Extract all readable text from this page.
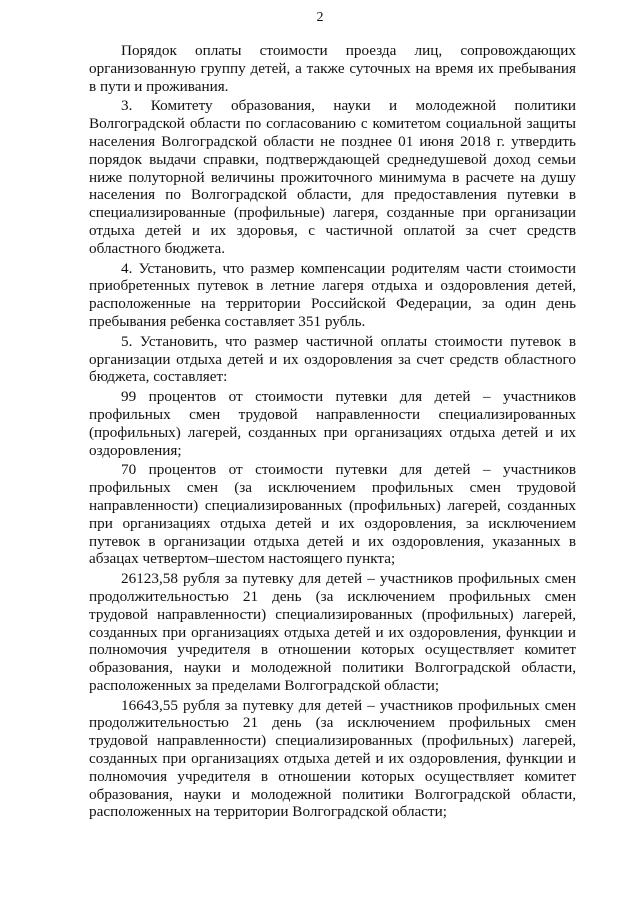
2

Порядок оплаты стоимости проезда лиц, сопровождающих организованную группу детей, а также суточных на время их пребывания в пути и проживания.

3. Комитету образования, науки и молодежной политики Волгоградской области по согласованию с комитетом социальной защиты населения Волгоградской области не позднее 01 июня 2018 г. утвердить порядок выдачи справки, подтверждающей среднедушевой доход семьи ниже полуторной величины прожиточного минимума в расчете на душу населения по Волгоградской области, для предоставления путевки в специализированные (профильные) лагеря, созданные при организации отдыха детей и их здоровья, с частичной оплатой за счет средств областного бюджета.

4. Установить, что размер компенсации родителям части стоимости приобретенных путевок в летние лагеря отдыха и оздоровления детей, расположенные на территории Российской Федерации, за один день пребывания ребенка составляет 351 рубль.

5. Установить, что размер частичной оплаты стоимости путевок в организации отдыха детей и их оздоровления за счет средств областного бюджета, составляет:

99 процентов от стоимости путевки для детей – участников профильных смен трудовой направленности специализированных (профильных) лагерей, созданных при организациях отдыха детей и их оздоровления;

70 процентов от стоимости путевки для детей – участников профильных смен (за исключением профильных смен трудовой направленности) специализированных (профильных) лагерей, созданных при организациях отдыха детей и их оздоровления, за исключением путевок в организации отдыха детей и их оздоровления, указанных в абзацах четвертом–шестом настоящего пункта;

26123,58 рубля за путевку для детей – участников профильных смен продолжительностью 21 день (за исключением профильных смен трудовой направленности) специализированных (профильных) лагерей, созданных при организациях отдыха детей и их оздоровления, функции и полномочия учредителя в отношении которых осуществляет комитет образования, науки и молодежной политики Волгоградской области, расположенных за пределами Волгоградской области;

16643,55 рубля за путевку для детей – участников профильных смен продолжительностью 21 день (за исключением профильных смен трудовой направленности) специализированных (профильных) лагерей, созданных при организациях отдыха детей и их оздоровления, функции и полномочия учредителя в отношении которых осуществляет комитет образования, науки и молодежной политики Волгоградской области, расположенных на территории Волгоградской области;
